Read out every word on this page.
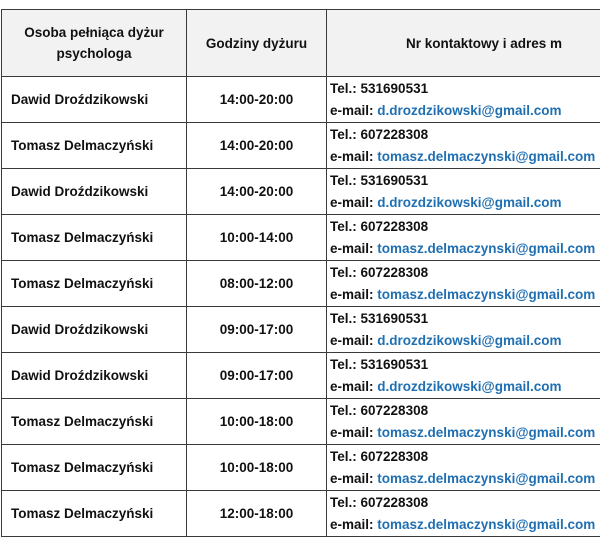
Osoba pełniąca dyżur psychologa	Godziny dyżuru	Nr kontaktowy i adres m
Dawid Droździkowski	14:00-20:00	Tel.: 531690531
e-mail: d.drozdzikowski@gmail.com

Tomasz Delmaczyński	14:00-20:00	Tel.: 607228308
e-mail: tomasz.delmaczynski@gmail.com

Dawid Droździkowski	14:00-20:00	Tel.: 531690531
e-mail: d.drozdzikowski@gmail.com

Tomasz Delmaczyński	10:00-14:00	Tel.: 607228308
e-mail: tomasz.delmaczynski@gmail.com

Tomasz Delmaczyński	08:00-12:00	Tel.: 607228308
e-mail: tomasz.delmaczynski@gmail.com

Dawid Droździkowski	09:00-17:00	Tel.: 531690531
e-mail: d.drozdzikowski@gmail.com

Dawid Droździkowski	09:00-17:00	Tel.: 531690531
e-mail: d.drozdzikowski@gmail.com

Tomasz Delmaczyński	10:00-18:00	Tel.: 607228308
e-mail: tomasz.delmaczynski@gmail.com

Tomasz Delmaczyński	10:00-18:00	Tel.: 607228308
e-mail: tomasz.delmaczynski@gmail.com

Tomasz Delmaczyński	12:00-18:00	Tel.: 607228308
e-mail: tomasz.delmaczynski@gmail.com
